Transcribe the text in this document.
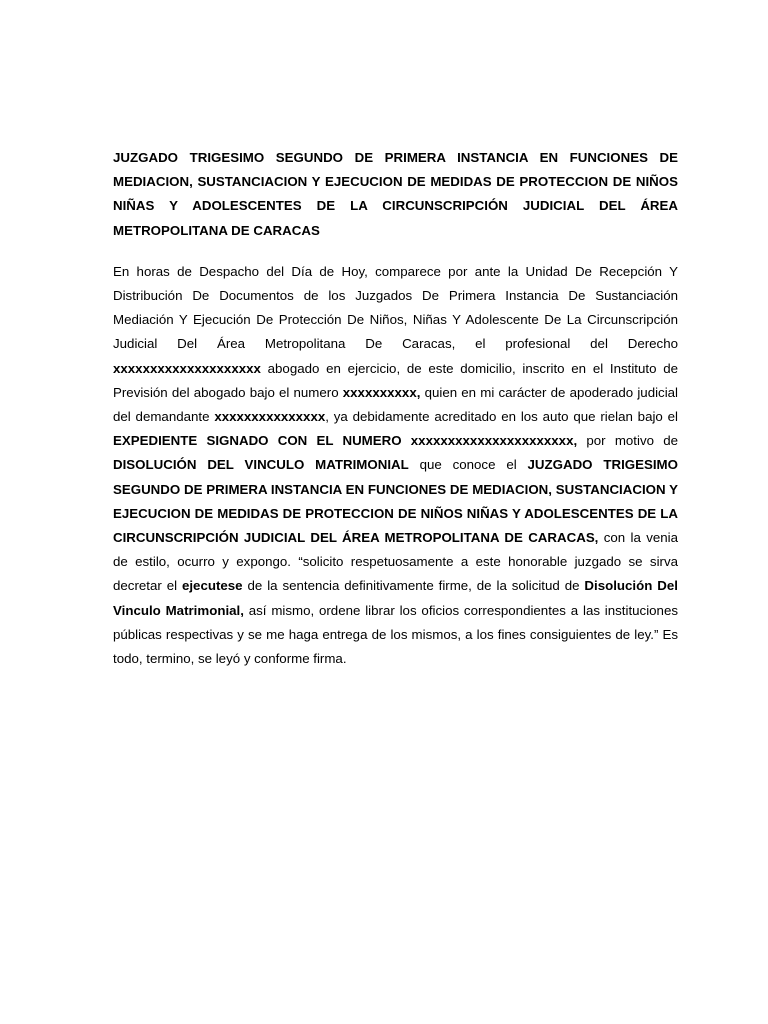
JUZGADO TRIGESIMO SEGUNDO DE PRIMERA INSTANCIA EN FUNCIONES DE MEDIACION, SUSTANCIACION Y EJECUCION DE MEDIDAS DE PROTECCION DE NIÑOS NIÑAS Y ADOLESCENTES DE LA CIRCUNSCRIPCIÓN JUDICIAL DEL ÁREA METROPOLITANA DE CARACAS

En horas de Despacho del Día de Hoy, comparece por ante la Unidad De Recepción Y Distribución De Documentos de los Juzgados De Primera Instancia De Sustanciación Mediación Y Ejecución De Protección De Niños, Niñas Y Adolescente De La Circunscripción Judicial Del Área Metropolitana De Caracas, el profesional del Derecho xxxxxxxxxxxxxxxxxxxx abogado en ejercicio, de este domicilio, inscrito en el Instituto de Previsión del abogado bajo el numero xxxxxxxxxx, quien en mi carácter de apoderado judicial del demandante xxxxxxxxxxxxxxx, ya debidamente acreditado en los auto que rielan bajo el EXPEDIENTE SIGNADO CON EL NUMERO xxxxxxxxxxxxxxxxxxxxxx, por motivo de DISOLUCIÓN DEL VINCULO MATRIMONIAL que conoce el JUZGADO TRIGESIMO SEGUNDO DE PRIMERA INSTANCIA EN FUNCIONES DE MEDIACION, SUSTANCIACION Y EJECUCION DE MEDIDAS DE PROTECCION DE NIÑOS NIÑAS Y ADOLESCENTES DE LA CIRCUNSCRIPCIÓN JUDICIAL DEL ÁREA METROPOLITANA DE CARACAS, con la venia de estilo, ocurro y expongo. “solicito respetuosamente a este honorable juzgado se sirva decretar el ejecutese de la sentencia definitivamente firme, de la solicitud de Disolución Del Vinculo Matrimonial, así mismo, ordene librar los oficios correspondientes a las instituciones públicas respectivas y se me haga entrega de los mismos, a los fines consiguientes de ley.” Es todo, termino, se leyó y conforme firma.
